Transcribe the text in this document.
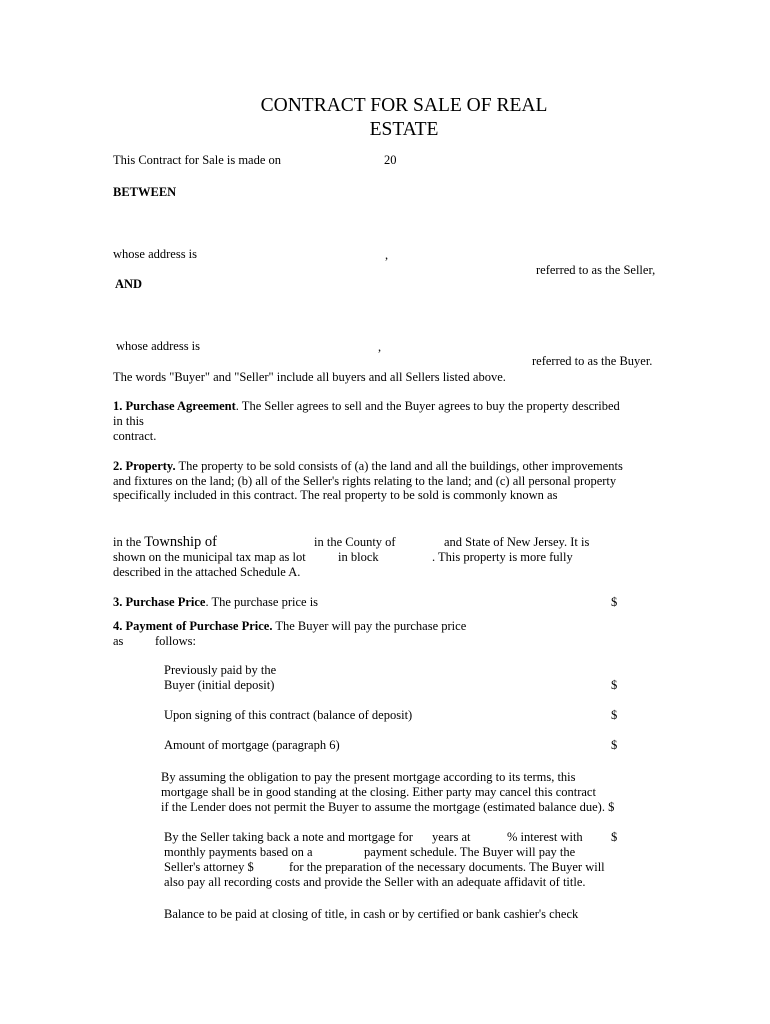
CONTRACT FOR SALE OF REAL
ESTATE
This Contract for Sale is made on	20
BETWEEN
whose address is	,
referred to as the Seller,
AND
whose address is	,
referred to as the Buyer.
The words "Buyer" and "Seller" include all buyers and all Sellers listed above.
1. Purchase Agreement. The Seller agrees to sell and the Buyer agrees to buy the property described
in this
contract.
2. Property. The property to be sold consists of (a) the land and all the buildings, other improvements
and fixtures on the land; (b) all of the Seller's rights relating to the land; and (c) all personal property
specifically included in this contract. The real property to be sold is commonly known as
in the Township of	in the County of	and State of New Jersey. It is
shown on the municipal tax map as lot	in block	. This property is more fully
described in the attached Schedule A.
3. Purchase Price. The purchase price is	$
4. Payment of Purchase Price. The Buyer will pay the purchase price
as	follows:
Previously paid by the
Buyer (initial deposit)	$
Upon signing of this contract (balance of deposit)	$
Amount of mortgage (paragraph 6)	$
By assuming the obligation to pay the present mortgage according to its terms, this
mortgage shall be in good standing at the closing. Either party may cancel this contract
if the Lender does not permit the Buyer to assume the mortgage (estimated balance due). $
By the Seller taking back a note and mortgage for years at	% interest with $
monthly payments based on a	payment schedule. The Buyer will pay the
Seller's attorney $	for the preparation of the necessary documents. The Buyer will
also pay all recording costs and provide the Seller with an adequate affidavit of title.
Balance to be paid at closing of title, in cash or by certified or bank cashier's check
